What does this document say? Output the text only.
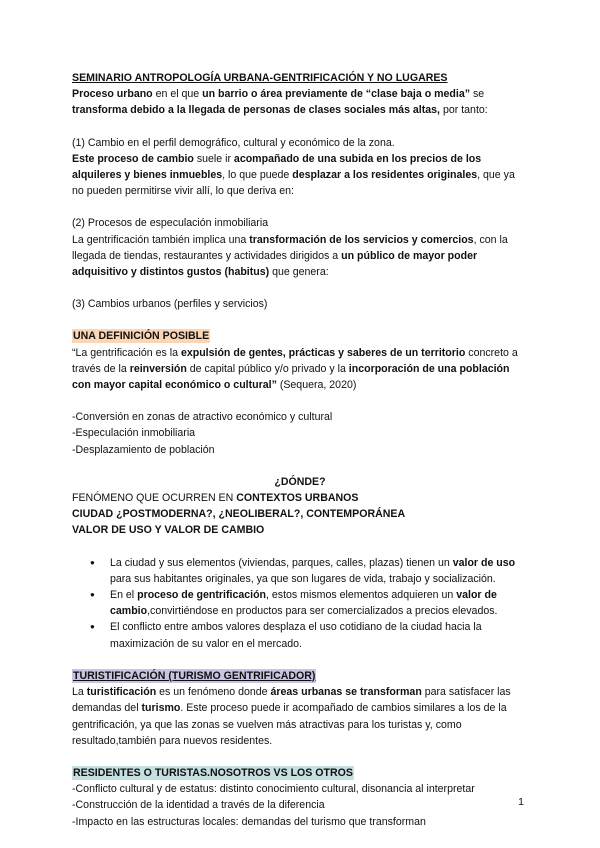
SEMINARIO ANTROPOLOGÍA URBANA-GENTRIFICACIÓN Y NO LUGARES

Proceso urbano en el que un barrio o área previamente de “clase baja o media” se transforma debido a la llegada de personas de clases sociales más altas, por tanto:

(1) Cambio en el perfil demográfico, cultural y económico de la zona.

Este proceso de cambio suele ir acompañado de una subida en los precios de los alquileres y bienes inmuebles, lo que puede desplazar a los residentes originales, que ya no pueden permitirse vivir allí, lo que deriva en:

(2) Procesos de especulación inmobiliaria

La gentrificación también implica una transformación de los servicios y comercios, con la llegada de tiendas, restaurantes y actividades dirigidos a un público de mayor poder adquisitivo y distintos gustos (habitus) que genera:

(3) Cambios urbanos (perfiles y servicios)

UNA DEFINICIÓN POSIBLE

“La gentrificación es la expulsión de gentes, prácticas y saberes de un territorio concreto a través de la reinversión de capital público y/o privado y la incorporación de una población con mayor capital económico o cultural” (Sequera, 2020)

-Conversión en zonas de atractivo económico y cultural

-Especulación inmobiliaria

-Desplazamiento de población

¿DÓNDE?

FENÓMENO QUE OCURREN EN CONTEXTOS URBANOS

CIUDAD ¿POSTMODERNA?, ¿NEOLIBERAL?, CONTEMPORÁNEA

VALOR DE USO Y VALOR DE CAMBIO

● La ciudad y sus elementos (viviendas, parques, calles, plazas) tienen un valor de uso para sus habitantes originales, ya que son lugares de vida, trabajo y socialización.
● En el proceso de gentrificación, estos mismos elementos adquieren un valor de cambio,convirtiéndose en productos para ser comercializados a precios elevados.
● El conflicto entre ambos valores desplaza el uso cotidiano de la ciudad hacia la maximización de su valor en el mercado.

TURISTIFICACIÓN (TURISMO GENTRIFICADOR)

La turistificación es un fenómeno donde áreas urbanas se transforman para satisfacer las demandas del turismo. Este proceso puede ir acompañado de cambios similares a los de la gentrificación, ya que las zonas se vuelven más atractivas para los turistas y, como resultado,también para nuevos residentes.

RESIDENTES O TURISTAS.NOSOTROS VS LOS OTROS

-Conflicto cultural y de estatus: distinto conocimiento cultural, disonancia al interpretar

-Construcción de la identidad a través de la diferencia

-Impacto en las estructuras locales: demandas del turismo que transforman

1
